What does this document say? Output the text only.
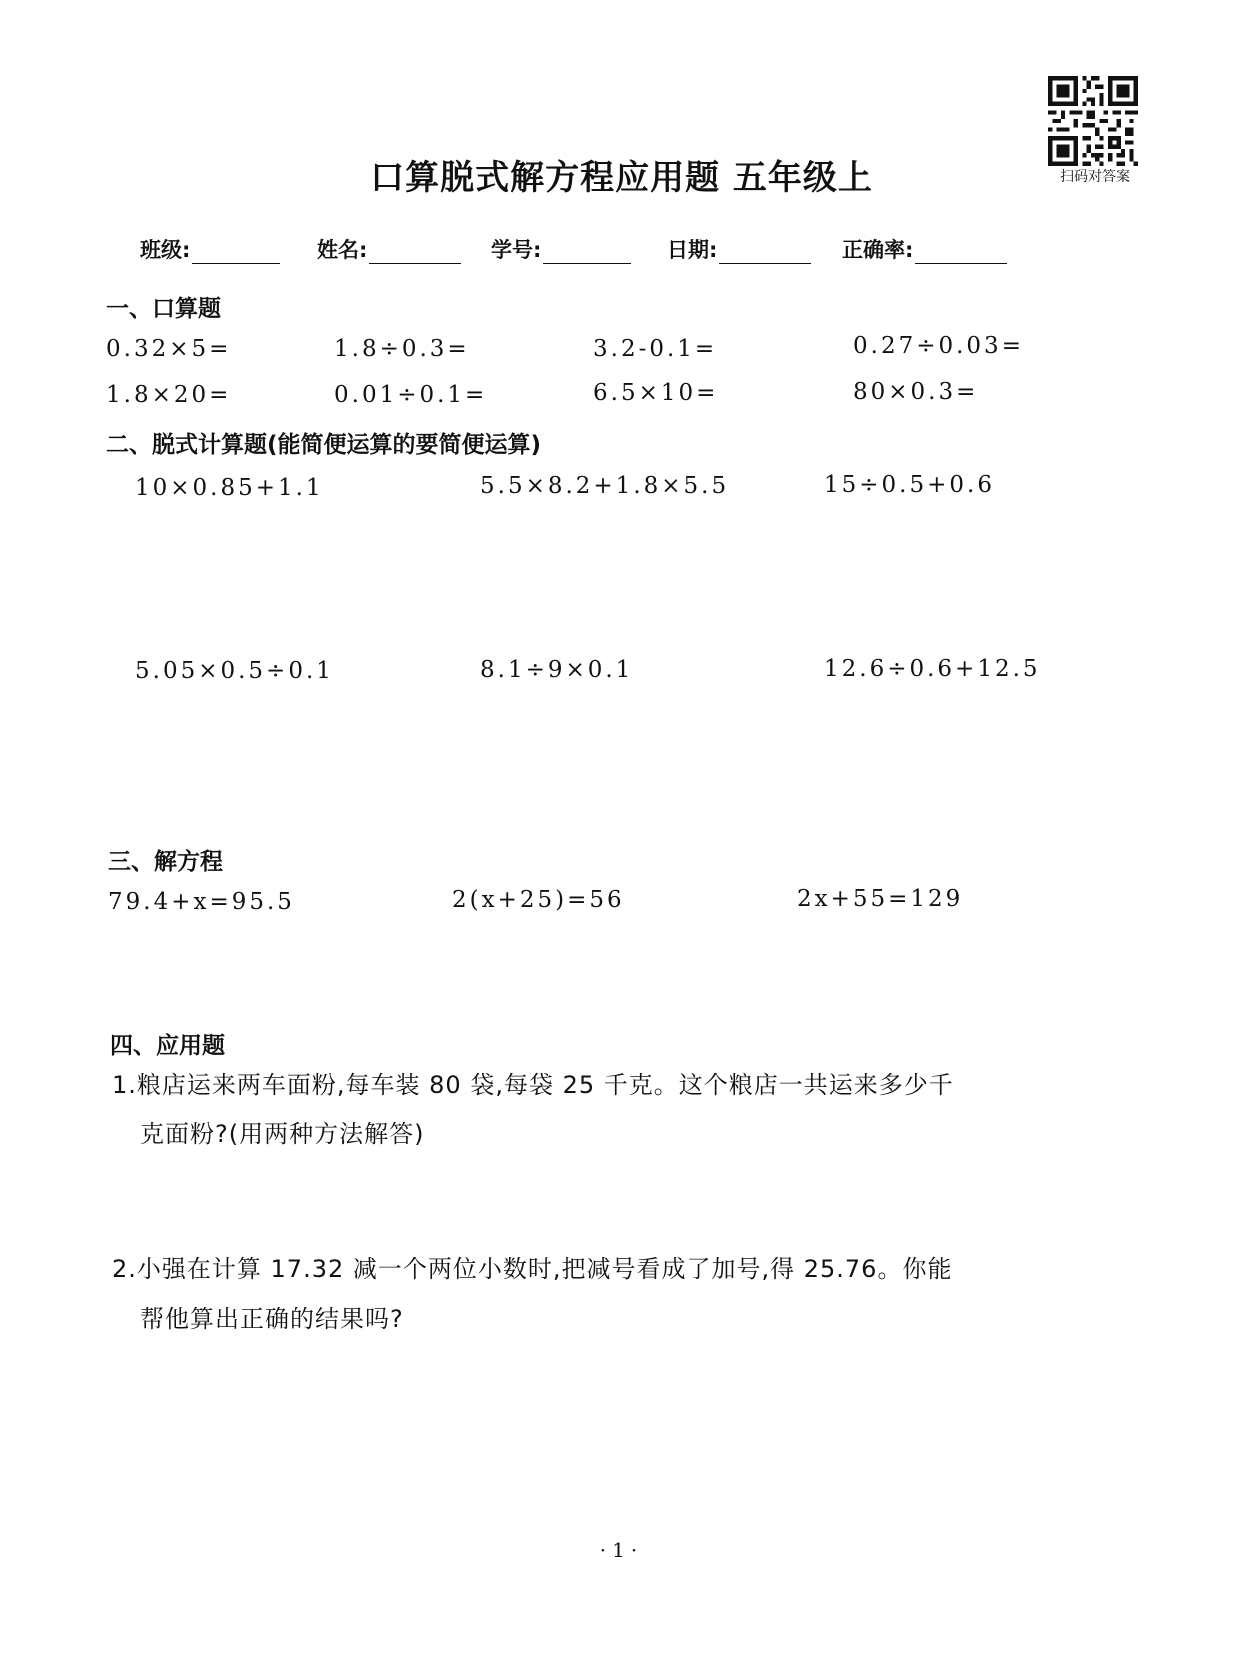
口算脱式解方程应用题 五年级上	扫码对答案
班级:	姓名:	学号:	日期:	正确率:
一、口算题
0.32×5=	1.8÷0.3=	3.2-0.1=	0.27÷0.03=
1.8×20=	0.01÷0.1=	6.5×10=	80×0.3=
二、脱式计算题(能简便运算的要简便运算)
10×0.85+1.1	5.5×8.2+1.8×5.5	15÷0.5+0.6
5.05×0.5÷0.1	8.1÷9×0.1	12.6÷0.6+12.5
三、解方程
79.4+x=95.5	2(x+25)=56	2x+55=129
四、应用题
1.粮店运来两车面粉,每车装 80 袋,每袋 25 千克。这个粮店一共运来多少千
克面粉?(用两种方法解答)
2.小强在计算 17.32 减一个两位小数时,把减号看成了加号,得 25.76。你能
帮他算出正确的结果吗?
·1·
